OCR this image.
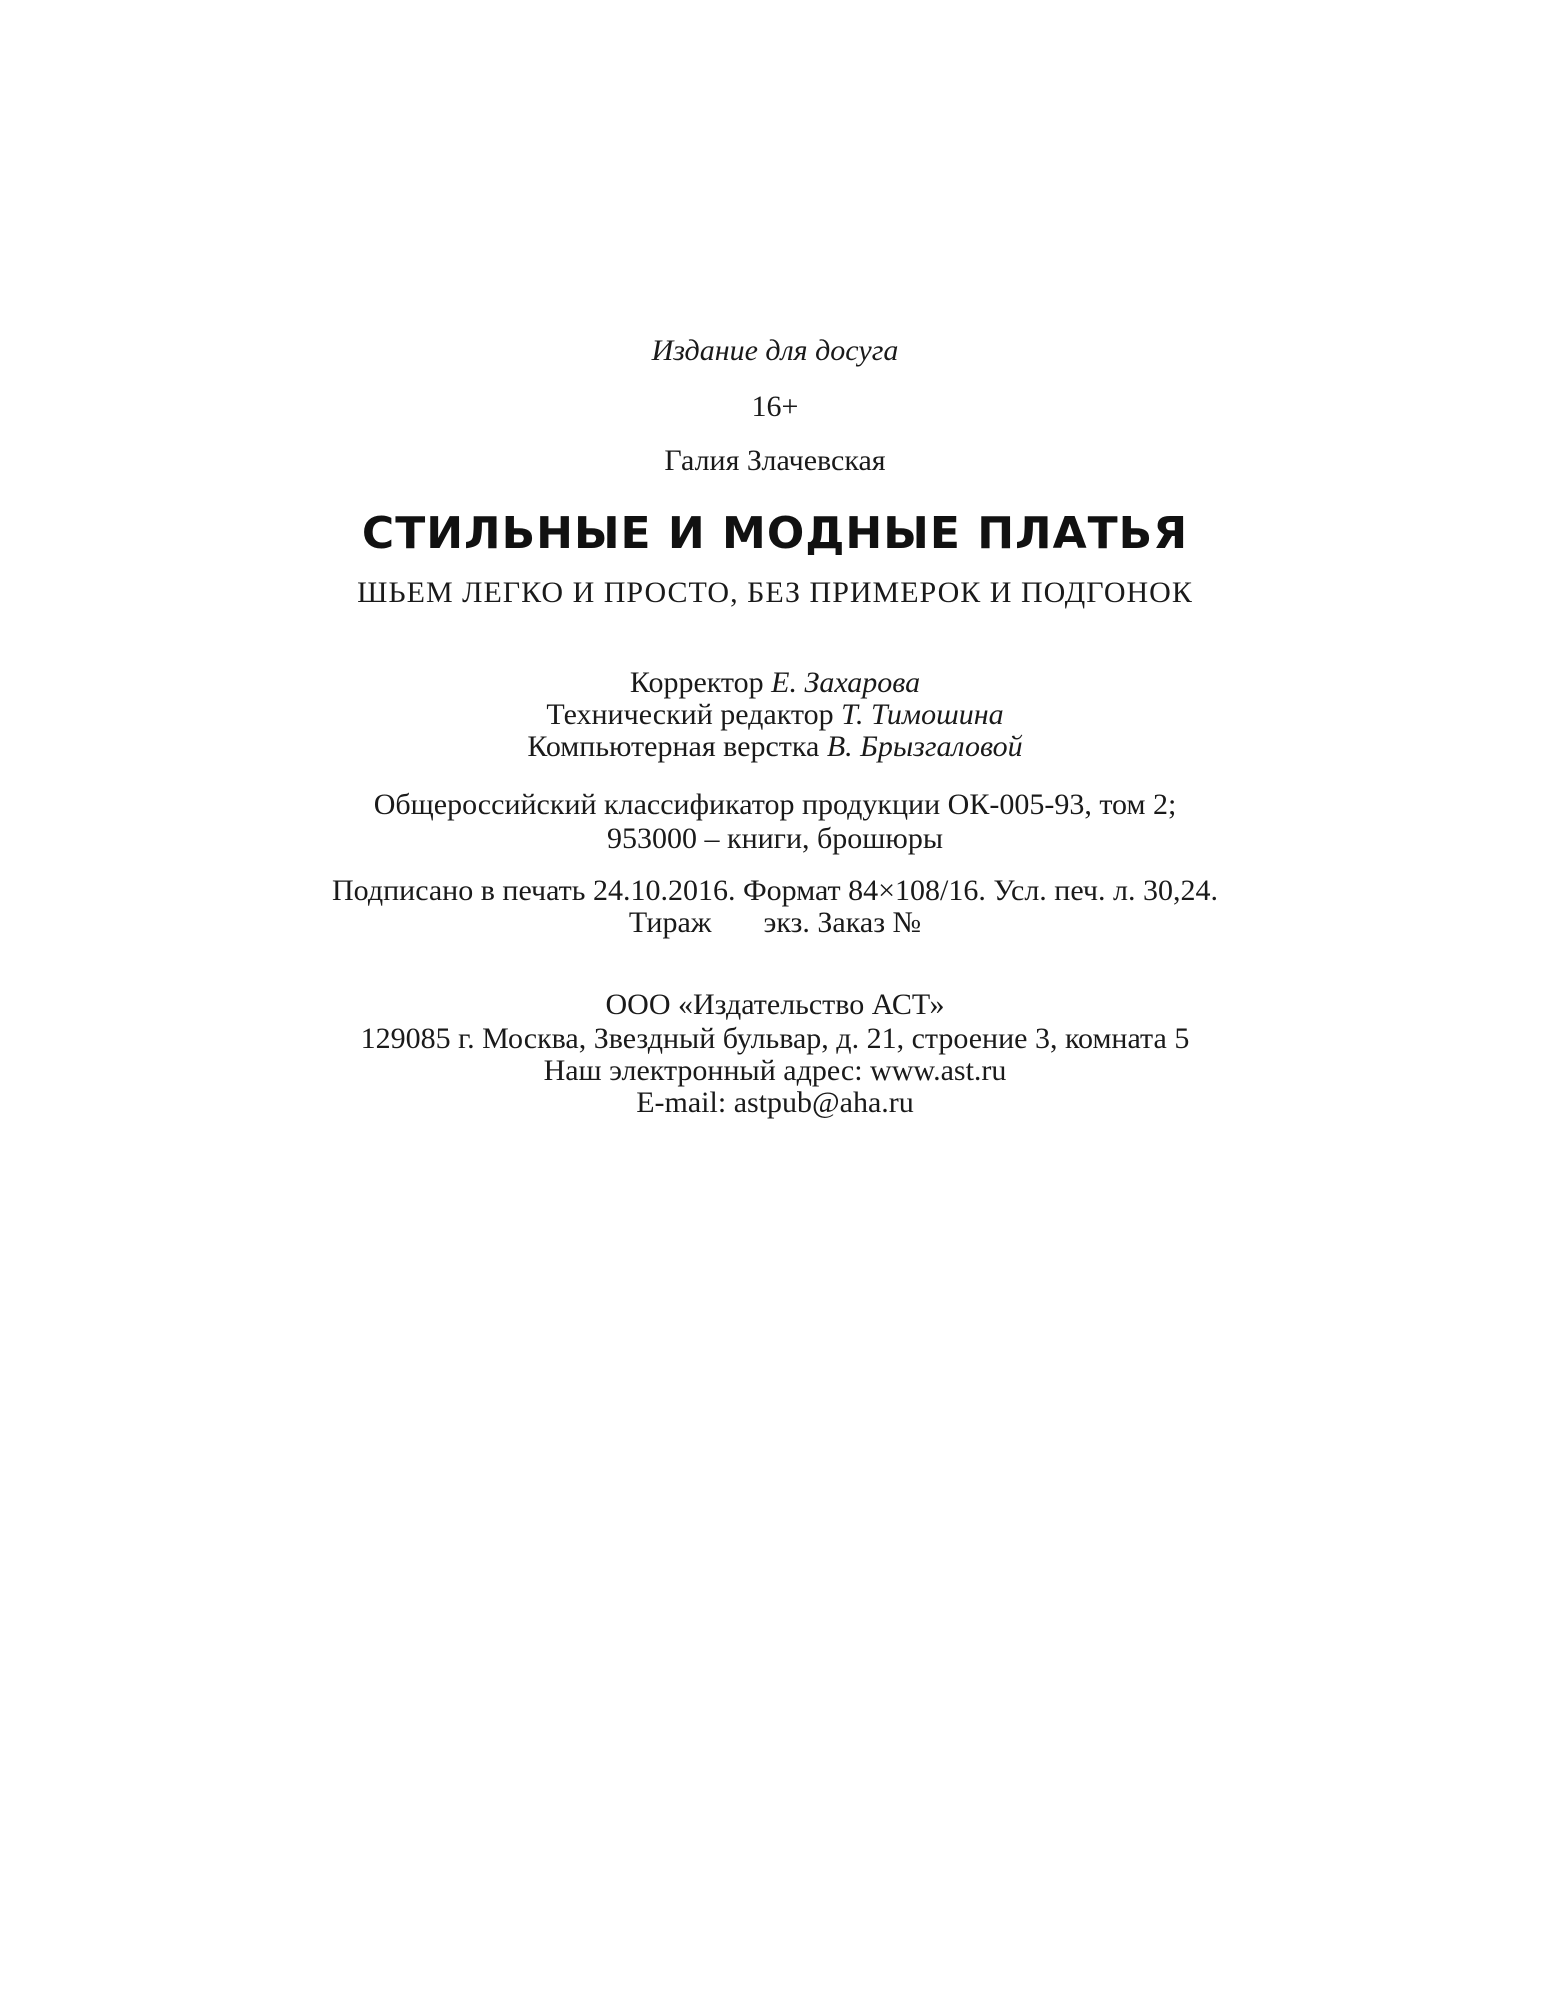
Издание для досуга
16+
Галия Злачевская
СТИЛЬНЫЕ И МОДНЫЕ ПЛАТЬЯ
ШЬЕМ ЛЕГКО И ПРОСТО, БЕЗ ПРИМЕРОК И ПОДГОНОК
Корректор Е. Захарова
Технический редактор Т. Тимошина
Компьютерная верстка В. Брызгаловой
Общероссийский классификатор продукции ОК-005-93, том 2;
953000 – книги, брошюры
Подписано в печать 24.10.2016. Формат 84×108/16. Усл. печ. л. 30,24.
Тираж экз. Заказ №
ООО «Издательство АСТ»
129085 г. Москва, Звездный бульвар, д. 21, строение 3, комната 5
Наш электронный адрес: www.ast.ru
E-mail: astpub@aha.ru
